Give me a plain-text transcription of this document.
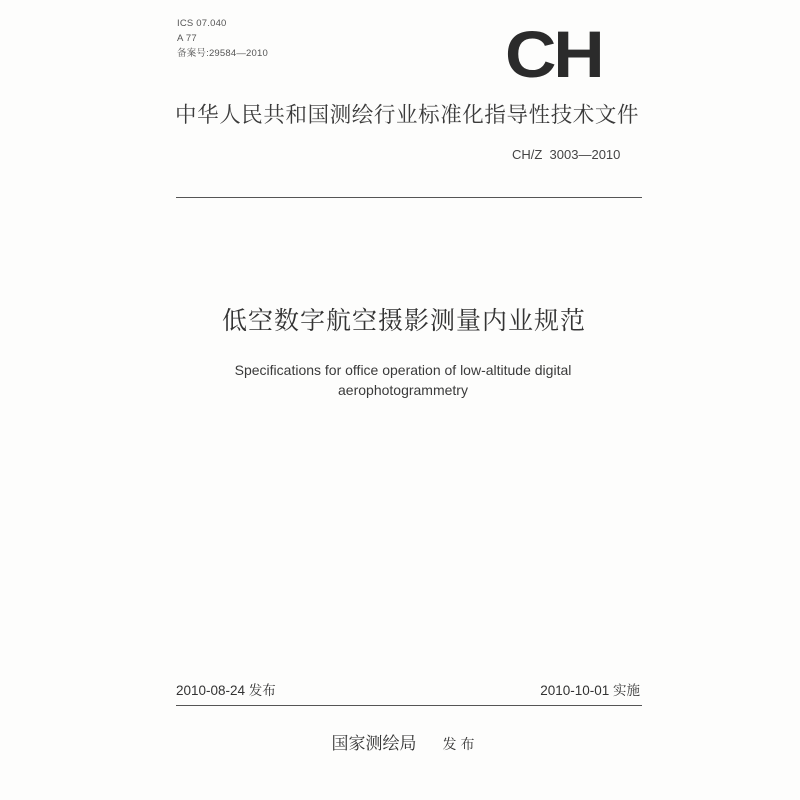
ICS 07.040
A 77
备案号:29584—2010	CH
中华人民共和国测绘行业标准化指导性技术文件
CH/Z  3003—2010
低空数字航空摄影测量内业规范
Specifications for office operation of low-altitude digital
aerophotogrammetry
2010-08-24 发布	2010-10-01 实施
国家测绘局 发布
